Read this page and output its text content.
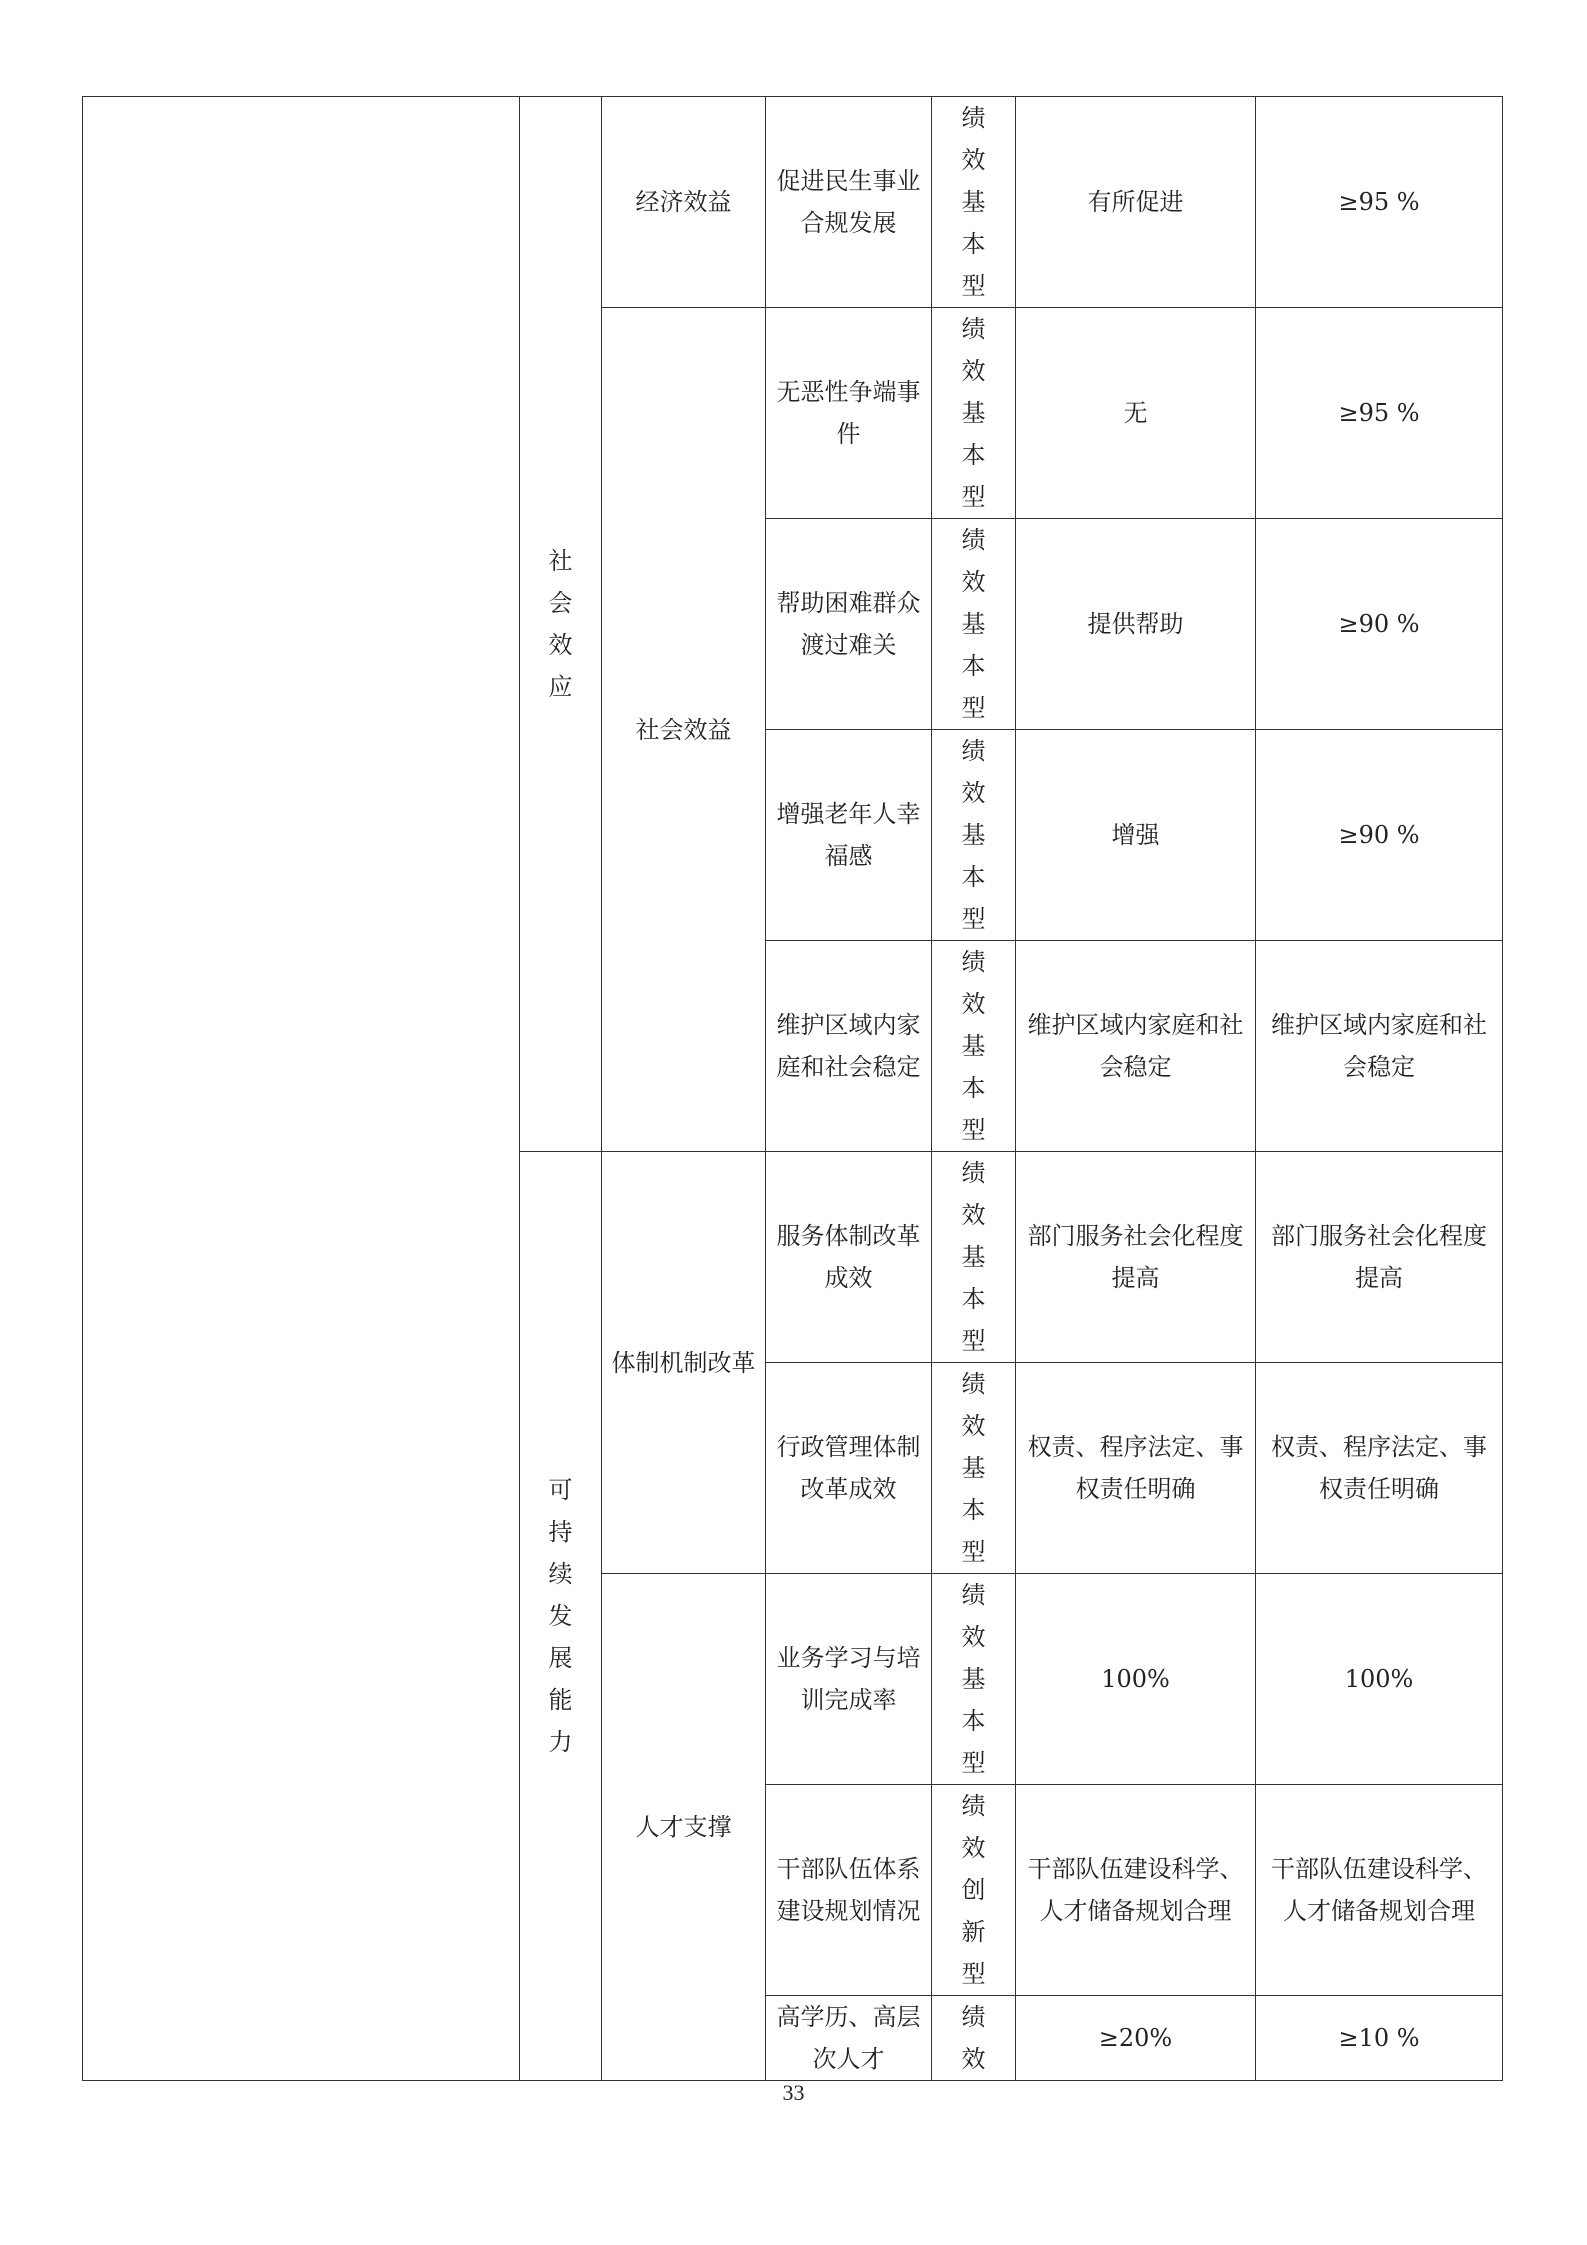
	社会效应	经济效益	促进民生事业合规发展	绩效基本型	有所促进	≥95 %
		社会效益	无恶性争端事件	绩效基本型	无	≥95 %
			帮助困难群众渡过难关	绩效基本型	提供帮助	≥90 %
			增强老年人幸福感	绩效基本型	增强	≥90 %
			维护区域内家庭和社会稳定	绩效基本型	维护区域内家庭和社会稳定	维护区域内家庭和社会稳定
	可持续发展能力	体制机制改革	服务体制改革成效	绩效基本型	部门服务社会化程度提高	部门服务社会化程度提高
			行政管理体制改革成效	绩效基本型	权责、程序法定、事权责任明确	权责、程序法定、事权责任明确
		人才支撑	业务学习与培训完成率	绩效基本型	100%	100%
			干部队伍体系建设规划情况	绩效创新型	干部队伍建设科学、人才储备规划合理	干部队伍建设科学、人才储备规划合理
			高学历、高层次人才	绩效	≥20%	≥10 %
33
